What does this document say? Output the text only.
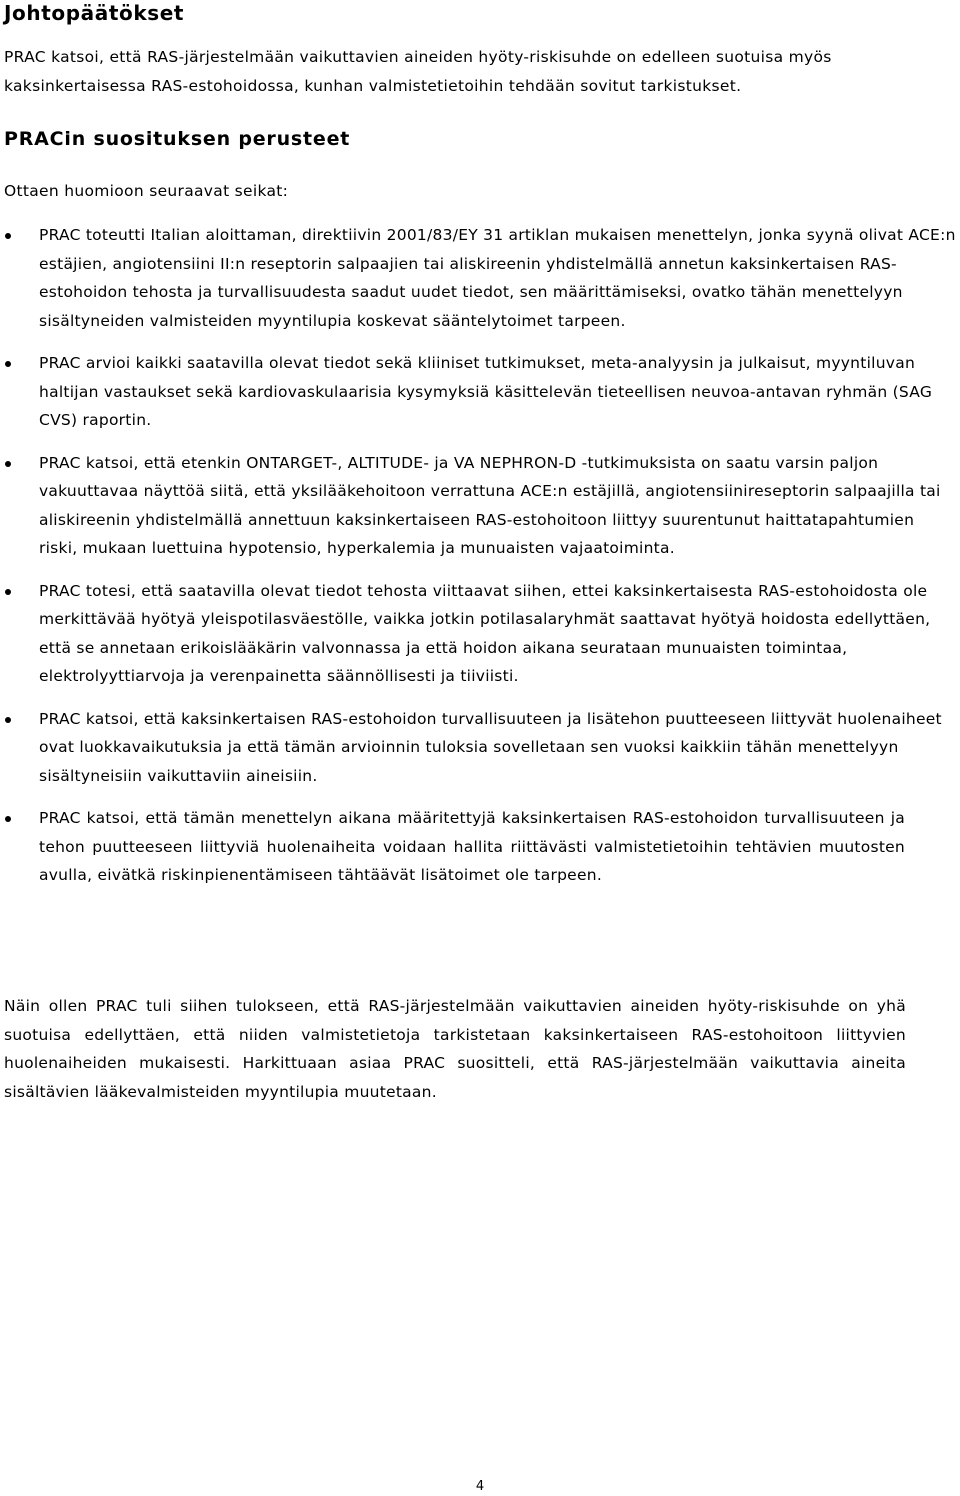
Johtopäätökset

PRAC katsoi, että RAS-järjestelmään vaikuttavien aineiden hyöty-riskisuhde on edelleen suotuisa myös kaksinkertaisessa RAS-estohoidossa, kunhan valmistetietoihin tehdään sovitut tarkistukset.

PRACin suosituksen perusteet

Ottaen huomioon seuraavat seikat:

PRAC toteutti Italian aloittaman, direktiivin 2001/83/EY 31 artiklan mukaisen menettelyn, jonka syynä olivat ACE:n estäjien, angiotensiini II:n reseptorin salpaajien tai aliskireenin yhdistelmällä annetun kaksinkertaisen RAS-estohoidon tehosta ja turvallisuudesta saadut uudet tiedot, sen määrittämiseksi, ovatko tähän menettelyyn sisältyneiden valmisteiden myyntilupia koskevat sääntelytoimet tarpeen.
PRAC arvioi kaikki saatavilla olevat tiedot sekä kliiniset tutkimukset, meta-analyysin ja julkaisut, myyntiluvan haltijan vastaukset sekä kardiovaskulaarisia kysymyksiä käsittelevän tieteellisen neuvoa-antavan ryhmän (SAG CVS) raportin.
PRAC katsoi, että etenkin ONTARGET-, ALTITUDE- ja VA NEPHRON-D -tutkimuksista on saatu varsin paljon vakuuttavaa näyttöä siitä, että yksilääkehoitoon verrattuna ACE:n estäjillä, angiotensiinireseptorin salpaajilla tai aliskireenin yhdistelmällä annettuun kaksinkertaiseen RAS-estohoitoon liittyy suurentunut haittatapahtumien riski, mukaan luettuina hypotensio, hyperkalemia ja munuaisten vajaatoiminta.
PRAC totesi, että saatavilla olevat tiedot tehosta viittaavat siihen, ettei kaksinkertaisesta RAS-estohoidosta ole merkittävää hyötyä yleispotilasväestölle, vaikka jotkin potilasalaryhmät saattavat hyötyä hoidosta edellyttäen, että se annetaan erikoislääkärin valvonnassa ja että hoidon aikana seurataan munuaisten toimintaa, elektrolyyttiarvoja ja verenpainetta säännöllisesti ja tiiviisti.
PRAC katsoi, että kaksinkertaisen RAS-estohoidon turvallisuuteen ja lisätehon puutteeseen liittyvät huolenaiheet ovat luokkavaikutuksia ja että tämän arvioinnin tuloksia sovelletaan sen vuoksi kaikkiin tähän menettelyyn sisältyneisiin vaikuttaviin aineisiin.
PRAC katsoi, että tämän menettelyn aikana määritettyjä kaksinkertaisen RAS-estohoidon turvallisuuteen ja tehon puutteeseen liittyviä huolenaiheita voidaan hallita riittävästi valmistetietoihin tehtävien muutosten avulla, eivätkä riskinpienentämiseen tähtäävät lisätoimet ole tarpeen.

Näin ollen PRAC tuli siihen tulokseen, että RAS-järjestelmään vaikuttavien aineiden hyöty-riskisuhde on yhä suotuisa edellyttäen, että niiden valmistetietoja tarkistetaan kaksinkertaiseen RAS-estohoitoon liittyvien huolenaiheiden mukaisesti. Harkittuaan asiaa PRAC suositteli, että RAS-järjestelmään vaikuttavia aineita sisältävien lääkevalmisteiden myyntilupia muutetaan.

4
